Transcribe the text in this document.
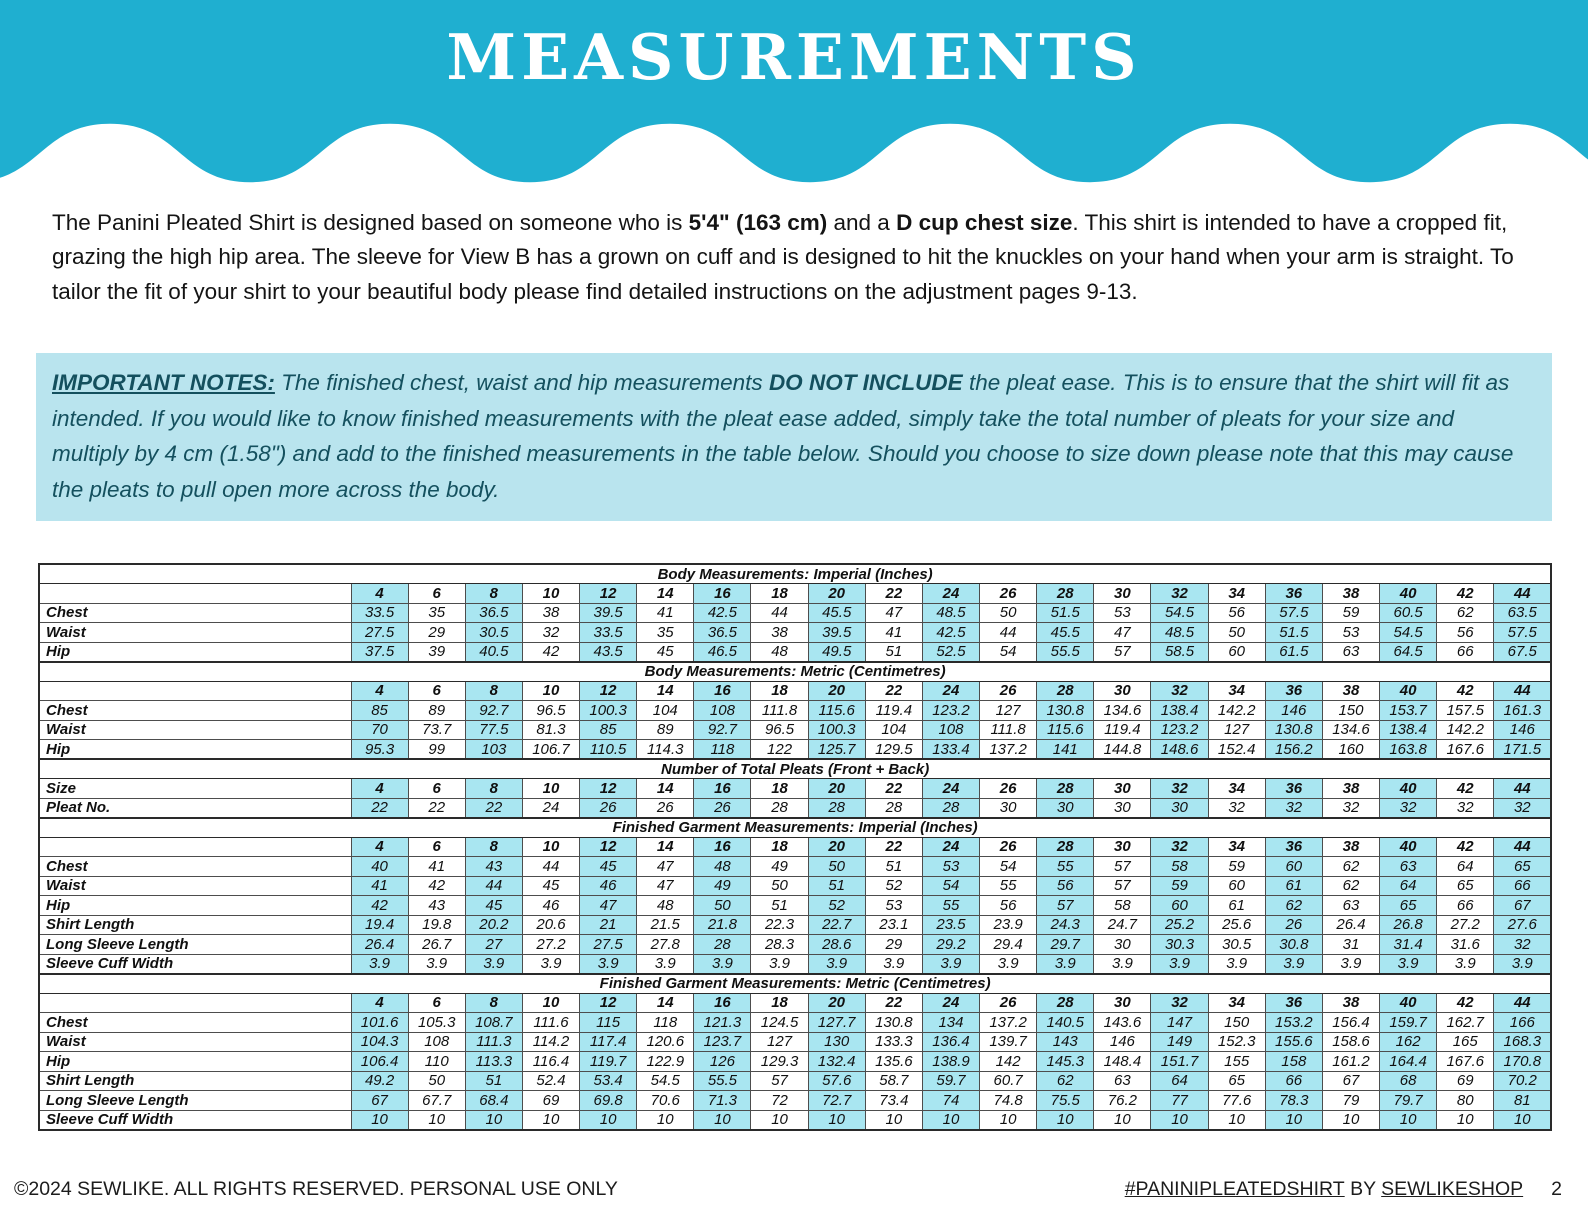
MEASUREMENTS

The Panini Pleated Shirt is designed based on someone who is 5'4" (163 cm) and a D cup chest size. This shirt is intended to have a cropped fit, grazing the high hip area. The sleeve for View B has a grown on cuff and is designed to hit the knuckles on your hand when your arm is straight. To tailor the fit of your shirt to your beautiful body please find detailed instructions on the adjustment pages 9-13.

IMPORTANT NOTES: The finished chest, waist and hip measurements DO NOT INCLUDE the pleat ease. This is to ensure that the shirt will fit as intended. If you would like to know finished measurements with the pleat ease added, simply take the total number of pleats for your size and multiply by 4 cm (1.58") and add to the finished measurements in the table below. Should you choose to size down please note that this may cause the pleats to pull open more across the body.
Body Measurements: Imperial (Inches)																					
	4	6	8	10	12	14	16	18	20	22	24	26	28	30	32	34	36	38	40	42	44
Chest	33.5	35	36.5	38	39.5	41	42.5	44	45.5	47	48.5	50	51.5	53	54.5	56	57.5	59	60.5	62	63.5
Waist	27.5	29	30.5	32	33.5	35	36.5	38	39.5	41	42.5	44	45.5	47	48.5	50	51.5	53	54.5	56	57.5
Hip	37.5	39	40.5	42	43.5	45	46.5	48	49.5	51	52.5	54	55.5	57	58.5	60	61.5	63	64.5	66	67.5
Body Measurements: Metric (Centimetres)																					
	4	6	8	10	12	14	16	18	20	22	24	26	28	30	32	34	36	38	40	42	44
Chest	85	89	92.7	96.5	100.3	104	108	111.8	115.6	119.4	123.2	127	130.8	134.6	138.4	142.2	146	150	153.7	157.5	161.3
Waist	70	73.7	77.5	81.3	85	89	92.7	96.5	100.3	104	108	111.8	115.6	119.4	123.2	127	130.8	134.6	138.4	142.2	146
Hip	95.3	99	103	106.7	110.5	114.3	118	122	125.7	129.5	133.4	137.2	141	144.8	148.6	152.4	156.2	160	163.8	167.6	171.5
Number of Total Pleats (Front + Back)																					
Size	4	6	8	10	12	14	16	18	20	22	24	26	28	30	32	34	36	38	40	42	44
Pleat No.	22	22	22	24	26	26	26	28	28	28	28	30	30	30	30	32	32	32	32	32	32
Finished Garment Measurements: Imperial (Inches)																					
	4	6	8	10	12	14	16	18	20	22	24	26	28	30	32	34	36	38	40	42	44
Chest	40	41	43	44	45	47	48	49	50	51	53	54	55	57	58	59	60	62	63	64	65
Waist	41	42	44	45	46	47	49	50	51	52	54	55	56	57	59	60	61	62	64	65	66
Hip	42	43	45	46	47	48	50	51	52	53	55	56	57	58	60	61	62	63	65	66	67
Shirt Length	19.4	19.8	20.2	20.6	21	21.5	21.8	22.3	22.7	23.1	23.5	23.9	24.3	24.7	25.2	25.6	26	26.4	26.8	27.2	27.6
Long Sleeve Length	26.4	26.7	27	27.2	27.5	27.8	28	28.3	28.6	29	29.2	29.4	29.7	30	30.3	30.5	30.8	31	31.4	31.6	32
Sleeve Cuff Width	3.9	3.9	3.9	3.9	3.9	3.9	3.9	3.9	3.9	3.9	3.9	3.9	3.9	3.9	3.9	3.9	3.9	3.9	3.9	3.9	3.9
Finished Garment Measurements: Metric (Centimetres)																					
	4	6	8	10	12	14	16	18	20	22	24	26	28	30	32	34	36	38	40	42	44
Chest	101.6	105.3	108.7	111.6	115	118	121.3	124.5	127.7	130.8	134	137.2	140.5	143.6	147	150	153.2	156.4	159.7	162.7	166
Waist	104.3	108	111.3	114.2	117.4	120.6	123.7	127	130	133.3	136.4	139.7	143	146	149	152.3	155.6	158.6	162	165	168.3
Hip	106.4	110	113.3	116.4	119.7	122.9	126	129.3	132.4	135.6	138.9	142	145.3	148.4	151.7	155	158	161.2	164.4	167.6	170.8
Shirt Length	49.2	50	51	52.4	53.4	54.5	55.5	57	57.6	58.7	59.7	60.7	62	63	64	65	66	67	68	69	70.2
Long Sleeve Length	67	67.7	68.4	69	69.8	70.6	71.3	72	72.7	73.4	74	74.8	75.5	76.2	77	77.6	78.3	79	79.7	80	81
Sleeve Cuff Width	10	10	10	10	10	10	10	10	10	10	10	10	10	10	10	10	10	10	10	10	10
©2024 SEWLIKE. ALL RIGHTS RESERVED. PERSONAL USE ONLY	#PANINIPLEATEDSHIRT BY SEWLIKESHOP 2
